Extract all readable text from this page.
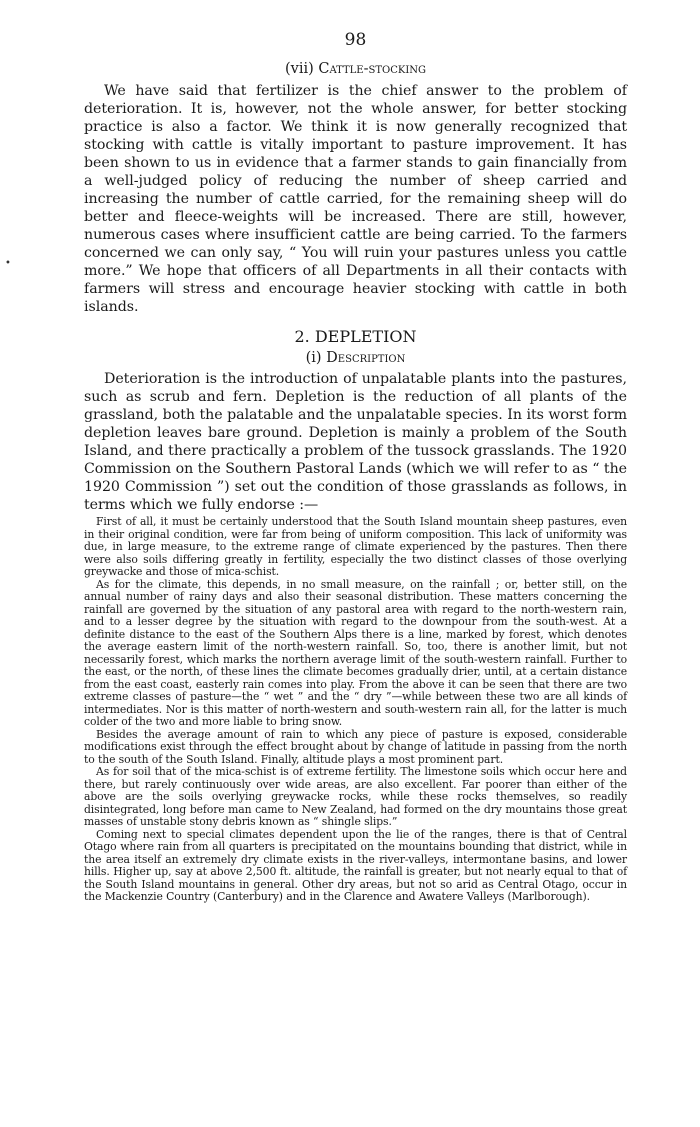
98
(vii) Cattle-stocking

We have said that fertilizer is the chief answer to the problem of deterioration. It is, however, not the whole answer, for better stocking practice is also a factor. We think it is now generally recognized that stocking with cattle is vitally important to pasture improvement. It has been shown to us in evidence that a farmer stands to gain financially from a well-judged policy of reducing the number of sheep carried and increasing the number of cattle carried, for the remaining sheep will do better and fleece-weights will be increased. There are still, however, numerous cases where insufficient cattle are being carried. To the farmers concerned we can only say, “ You will ruin your pastures unless you cattle more.” We hope that officers of all Departments in all their contacts with farmers will stress and encourage heavier stocking with cattle in both islands.

2. DEPLETION
(i) Description

Deterioration is the introduction of unpalatable plants into the pastures, such as scrub and fern. Depletion is the reduction of all plants of the grassland, both the palatable and the unpalatable species. In its worst form depletion leaves bare ground. Depletion is mainly a problem of the South Island, and there practically a problem of the tussock grasslands. The 1920 Commission on the Southern Pastoral Lands (which we will refer to as “ the 1920 Commission ”) set out the condition of those grasslands as follows, in terms which we fully endorse :—

First of all, it must be certainly understood that the South Island mountain sheep pastures, even in their original condition, were far from being of uniform composition. This lack of uniformity was due, in large measure, to the extreme range of climate experienced by the pastures. Then there were also soils differing greatly in fertility, especially the two distinct classes of those overlying greywacke and those of mica-schist.

As for the climate, this depends, in no small measure, on the rainfall ; or, better still, on the annual number of rainy days and also their seasonal distribution. These matters concerning the rainfall are governed by the situation of any pastoral area with regard to the north-western rain, and to a lesser degree by the situation with regard to the downpour from the south-west. At a definite distance to the east of the Southern Alps there is a line, marked by forest, which denotes the average eastern limit of the north-western rainfall. So, too, there is another limit, but not necessarily forest, which marks the northern average limit of the south-western rainfall. Further to the east, or the north, of these lines the climate becomes gradually drier, until, at a certain distance from the east coast, easterly rain comes into play. From the above it can be seen that there are two extreme classes of pasture—the “ wet ” and the “ dry ”—while between these two are all kinds of intermediates. Nor is this matter of north-western and south-western rain all, for the latter is much colder of the two and more liable to bring snow.

Besides the average amount of rain to which any piece of pasture is exposed, considerable modifications exist through the effect brought about by change of latitude in passing from the north to the south of the South Island. Finally, altitude plays a most prominent part.

As for soil that of the mica-schist is of extreme fertility. The limestone soils which occur here and there, but rarely continuously over wide areas, are also excellent. Far poorer than either of the above are the soils overlying greywacke rocks, while these rocks themselves, so readily disintegrated, long before man came to New Zealand, had formed on the dry mountains those great masses of unstable stony debris known as “ shingle slips.”

Coming next to special climates dependent upon the lie of the ranges, there is that of Central Otago where rain from all quarters is precipitated on the mountains bounding that district, while in the area itself an extremely dry climate exists in the river-valleys, intermontane basins, and lower hills. Higher up, say at above 2,500 ft. altitude, the rainfall is greater, but not nearly equal to that of the South Island mountains in general. Other dry areas, but not so arid as Central Otago, occur in the Mackenzie Country (Canterbury) and in the Clarence and Awatere Valleys (Marlborough).

•
